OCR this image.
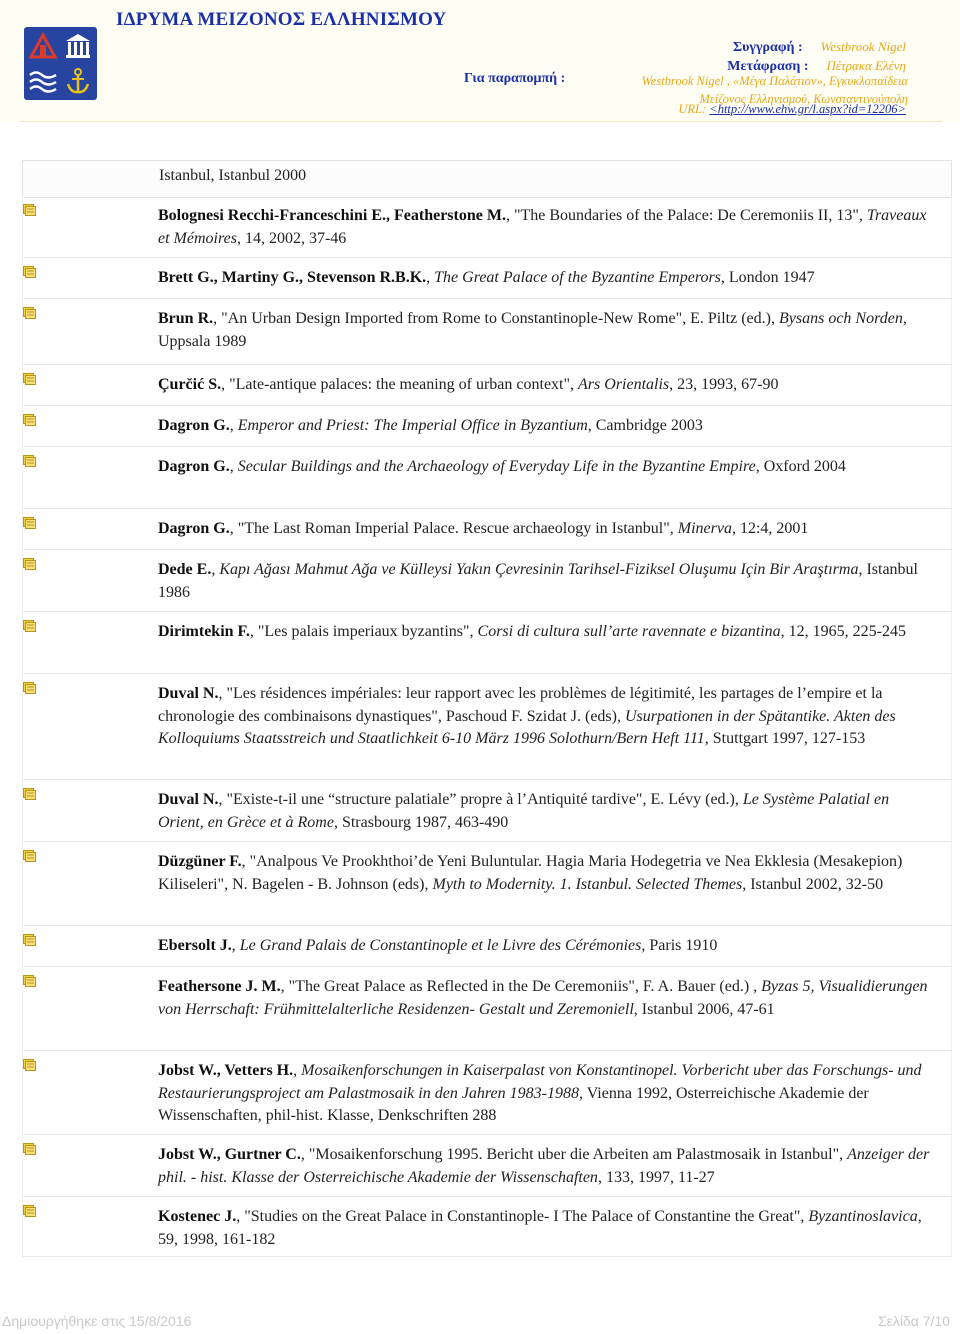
ΙΔΡΥΜΑ ΜΕΙΖΟΝΟΣ ΕΛΛΗΝΙΣΜΟΥ
Συγγραφή : Westbrook Nigel
Μετάφραση : Πέτρακα Ελένη
Για παραπομπή :	Westbrook Nigel , «Μέγα Παλάτιον», Εγκυκλοπαίδεια Μείζονος Ελληνισμού, Κωνσταντινούπολη
URL: <http://www.ehw.gr/l.aspx?id=12206>
Istanbul, Istanbul 2000
Bolognesi Recchi-Franceschini E., Featherstone M., "The Boundaries of the Palace: De Ceremoniis II, 13", Traveaux et Mémoires, 14, 2002, 37-46
Brett G., Martiny G., Stevenson R.B.K., The Great Palace of the Byzantine Emperors, London 1947
Brun R., "An Urban Design Imported from Rome to Constantinople-New Rome", E. Piltz (ed.), Bysans och Norden, Uppsala 1989
Çurčić S., "Late-antique palaces: the meaning of urban context", Ars Orientalis, 23, 1993, 67-90
Dagron G., Emperor and Priest: The Imperial Office in Byzantium, Cambridge 2003
Dagron G., Secular Buildings and the Archaeology of Everyday Life in the Byzantine Empire, Oxford 2004
Dagron G., "The Last Roman Imperial Palace. Rescue archaeology in Istanbul", Minerva, 12:4, 2001
Dede E., Kapı Ağası Mahmut Ağa ve Külleysi Yakın Çevresinin Tarihsel-Fiziksel Oluşumu Için Bir Araştırma, Istanbul 1986
Dirimtekin F., "Les palais imperiaux byzantins", Corsi di cultura sull’arte ravennate e bizantina, 12, 1965, 225-245
Duval N., "Les résidences impériales: leur rapport avec les problèmes de légitimité, les partages de l’empire et la chronologie des combinaisons dynastiques", Paschoud F. Szidat J. (eds), Usurpationen in der Spätantike. Akten des Kolloquiums Staatsstreich und Staatlichkeit 6-10 März 1996 Solothurn/Bern Heft 111, Stuttgart 1997, 127-153
Duval N., "Existe-t-il une “structure palatiale” propre à l’Antiquité tardive", E. Lévy (ed.), Le Système Palatial en Orient, en Grèce et à Rome, Strasbourg 1987, 463-490
Düzgüner F., "Analpous Ve Prookhthoi’de Yeni Buluntular. Hagia Maria Hodegetria ve Nea Ekklesia (Mesakepion) Kiliseleri", N. Bagelen - B. Johnson (eds), Myth to Modernity. 1. Istanbul. Selected Themes, Istanbul 2002, 32-50
Ebersolt J., Le Grand Palais de Constantinople et le Livre des Cérémonies, Paris 1910
Feathersone J. M., "The Great Palace as Reflected in the De Ceremoniis", F. A. Bauer (ed.) , Byzas 5, Visualidierungen von Herrschaft: Frühmittelalterliche Residenzen- Gestalt und Zeremoniell, Istanbul 2006, 47-61
Jobst W., Vetters H., Mosaikenforschungen in Kaiserpalast von Konstantinopel. Vorbericht uber das Forschungs- und Restaurierungsproject am Palastmosaik in den Jahren 1983-1988, Vienna 1992, Osterreichische Akademie der Wissenschaften, phil-hist. Klasse, Denkschriften 288
Jobst W., Gurtner C., "Mosaikenforschung 1995. Bericht uber die Arbeiten am Palastmosaik in Istanbul", Anzeiger der phil. - hist. Klasse der Osterreichische Akademie der Wissenschaften, 133, 1997, 11-27
Kostenec J., "Studies on the Great Palace in Constantinople- I The Palace of Constantine the Great", Byzantinoslavica, 59, 1998, 161-182
Δημιουργήθηκε στις 15/8/2016	Σελίδα 7/10
